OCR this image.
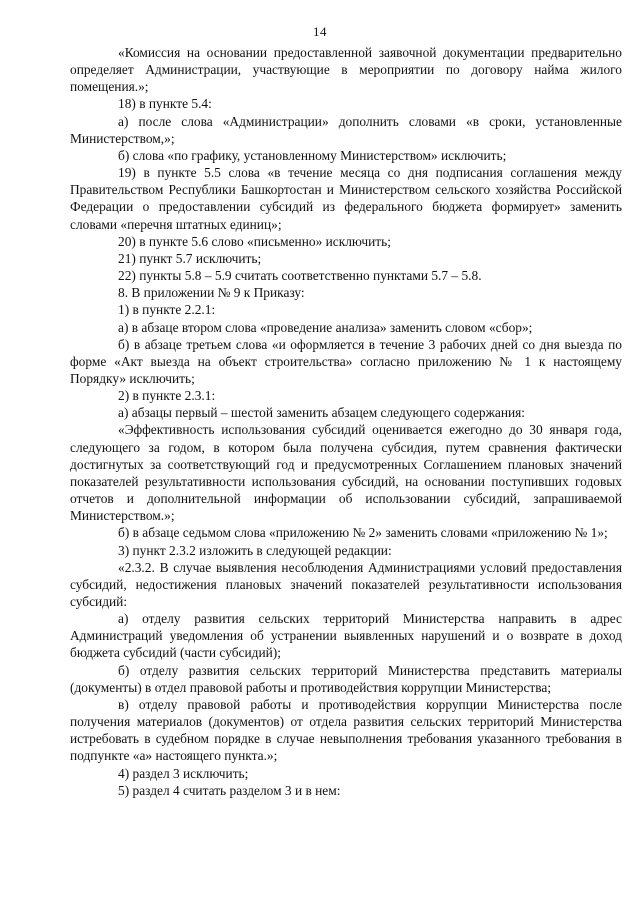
14

«Комиссия на основании предоставленной заявочной документации предварительно определяет Администрации, участвующие в мероприятии по договору найма жилого помещения.»;

18) в пункте 5.4:

а) после слова «Администрации» дополнить словами «в сроки, установленные Министерством,»;

б) слова «по графику, установленному Министерством» исключить;

19) в пункте 5.5 слова «в течение месяца со дня подписания соглашения между Правительством Республики Башкортостан и Министерством сельского хозяйства Российской Федерации о предоставлении субсидий из федерального бюджета формирует» заменить словами «перечня штатных единиц»;

20) в пункте 5.6 слово «письменно» исключить;

21) пункт 5.7 исключить;

22) пункты 5.8 – 5.9 считать соответственно пунктами 5.7 – 5.8.

8. В приложении № 9 к Приказу:

1) в пункте 2.2.1:

а) в абзаце втором слова «проведение анализа» заменить словом «сбор»;

б) в абзаце третьем слова «и оформляется в течение 3 рабочих дней со дня выезда по форме «Акт выезда на объект строительства» согласно приложению № 1 к настоящему Порядку» исключить;

2) в пункте 2.3.1:

а) абзацы первый – шестой заменить абзацем следующего содержания:

«Эффективность использования субсидий оценивается ежегодно до 30 января года, следующего за годом, в котором была получена субсидия, путем сравнения фактически достигнутых за соответствующий год и предусмотренных Соглашением плановых значений показателей результативности использования субсидий, на основании поступивших годовых отчетов и дополнительной информации об использовании субсидий, запрашиваемой Министерством.»;

б) в абзаце седьмом слова «приложению № 2» заменить словами «приложению № 1»;

3) пункт 2.3.2 изложить в следующей редакции:

«2.3.2. В случае выявления несоблюдения Администрациями условий предоставления субсидий, недостижения плановых значений показателей результативности использования субсидий:

а) отделу развития сельских территорий Министерства направить в адрес Администраций уведомления об устранении выявленных нарушений и о возврате в доход бюджета субсидий (части субсидий);

б) отделу развития сельских территорий Министерства представить материалы (документы) в отдел правовой работы и противодействия коррупции Министерства;

в) отделу правовой работы и противодействия коррупции Министерства после получения материалов (документов) от отдела развития сельских территорий Министерства истребовать в судебном порядке в случае невыполнения требования указанного требования в подпункте «а» настоящего пункта.»;

4) раздел 3 исключить;

5) раздел 4 считать разделом 3 и в нем:
